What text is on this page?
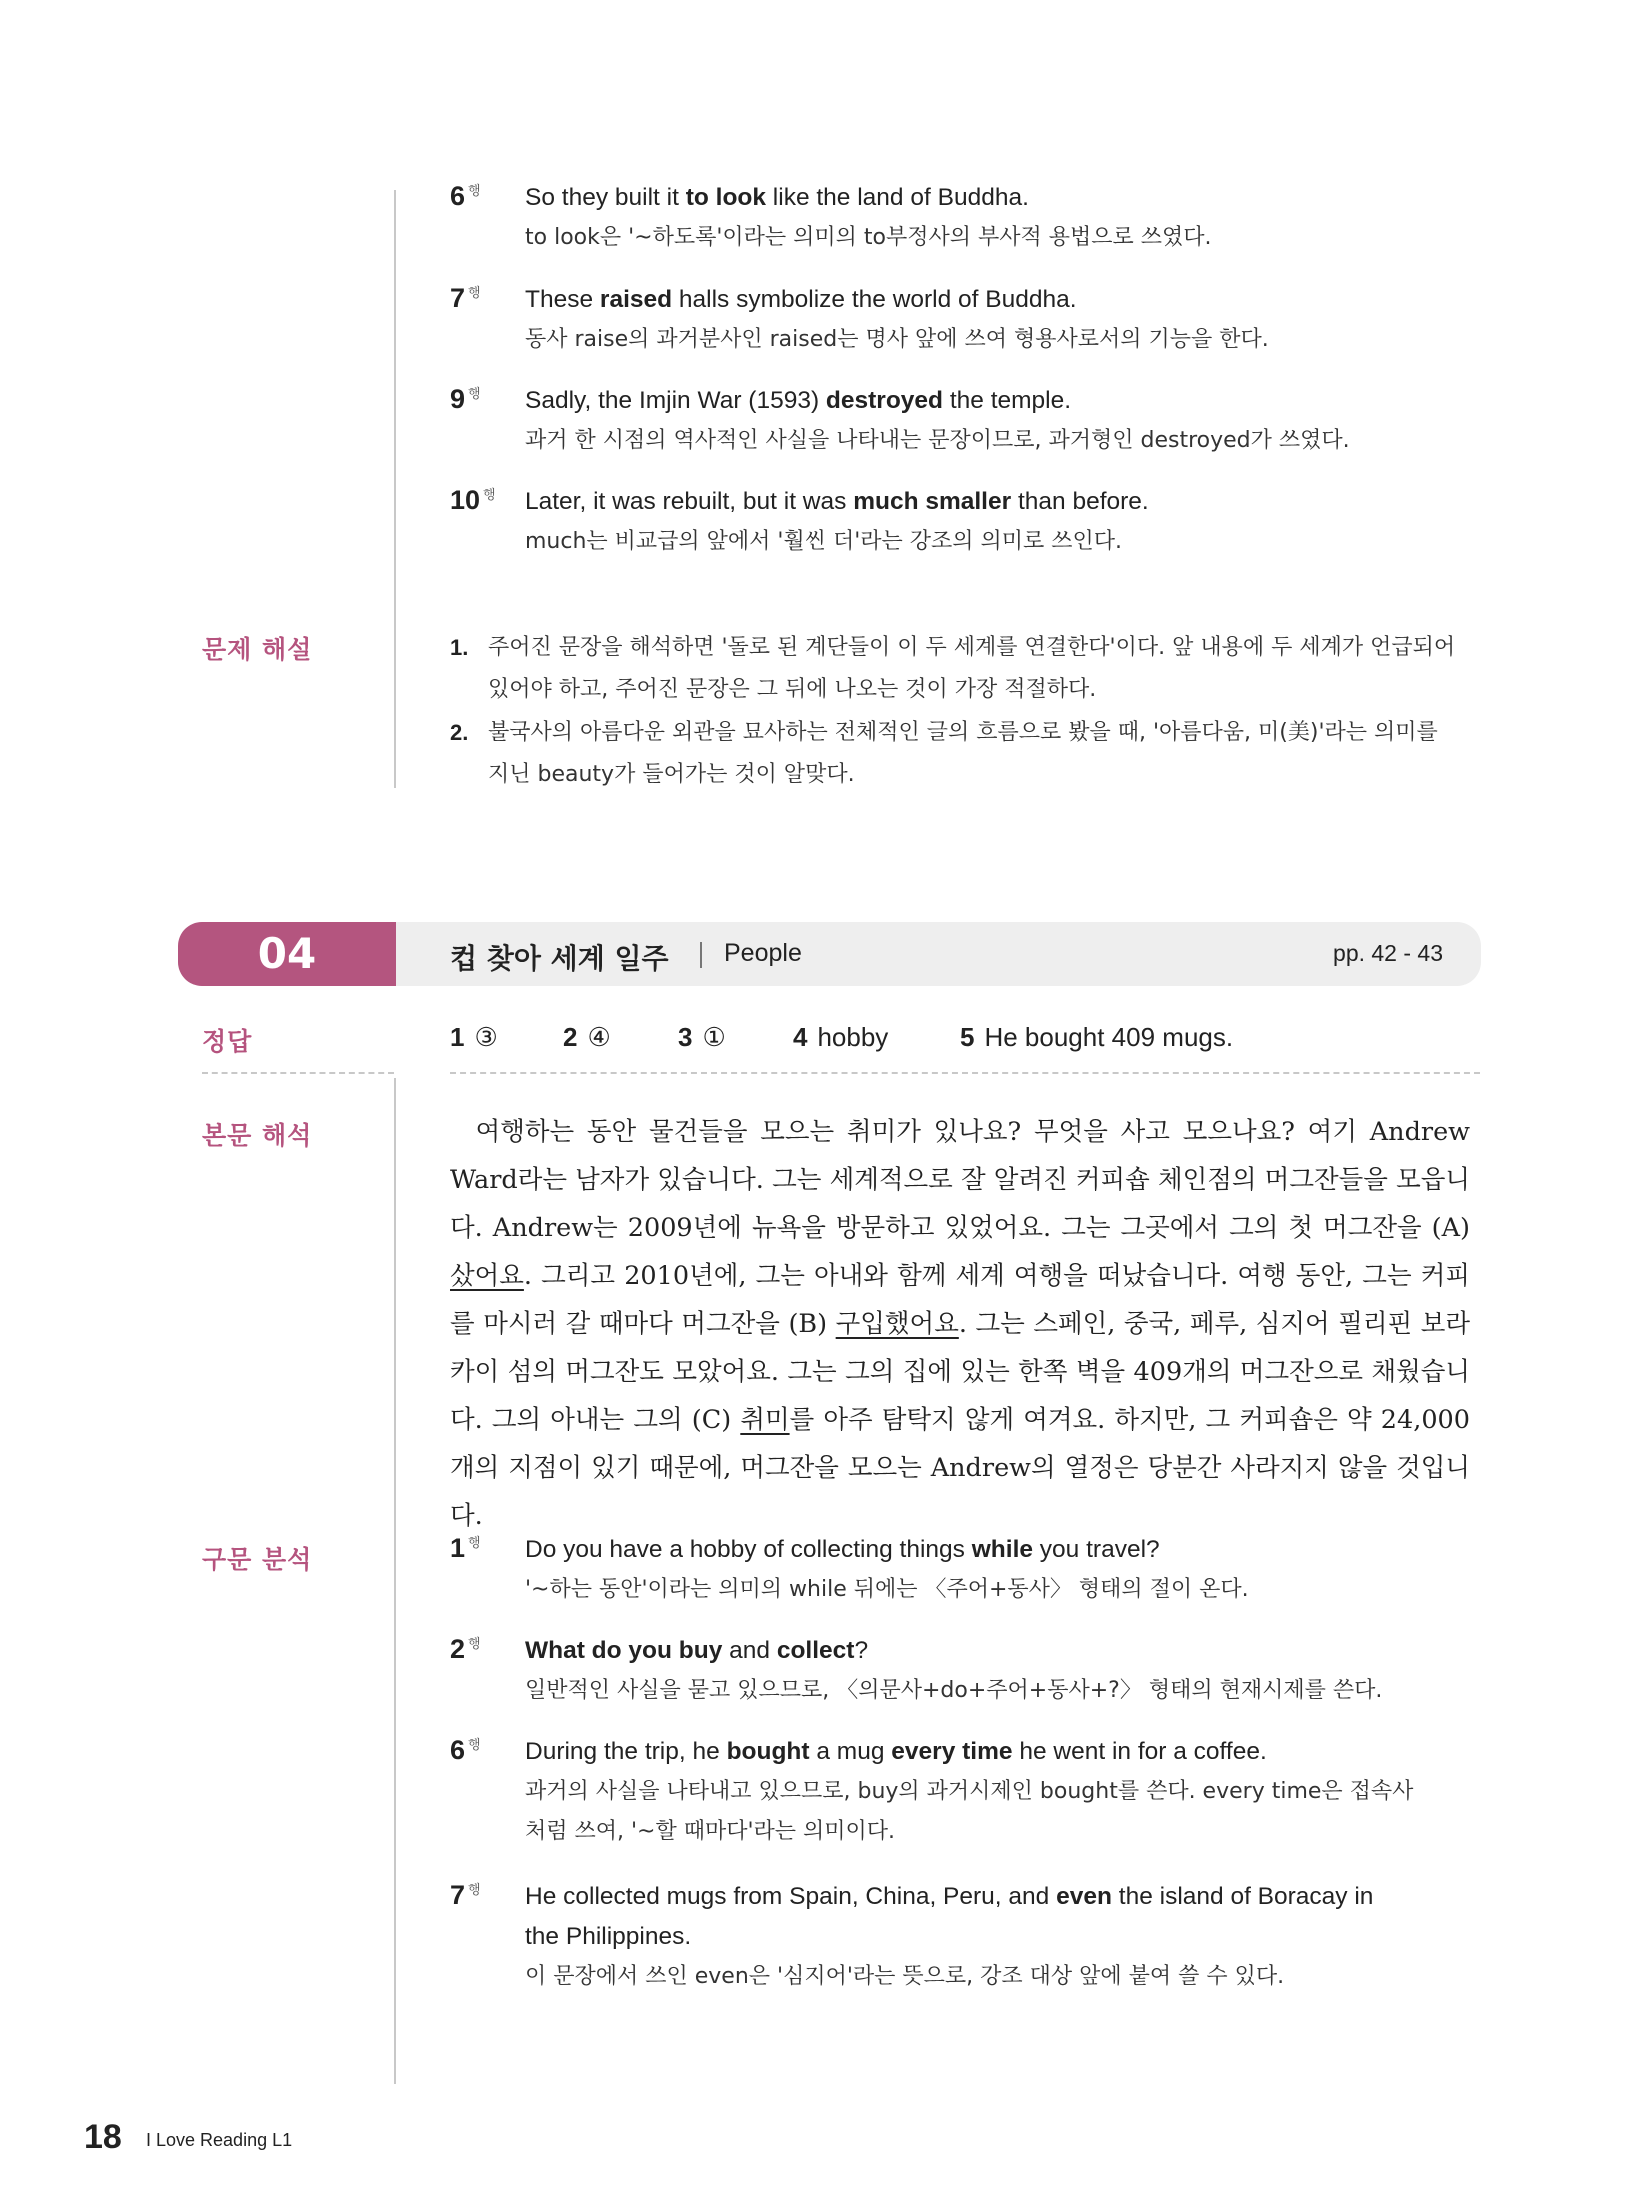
6 $^행$ So they built it to look like the land of Buddha.
to look은 '~하도록'이라는 의미의 to부정사의 부사적 용법으로 쓰였다.
7 $^행$ These raised halls symbolize the world of Buddha.
동사 raise의 과거분사인 raised는 명사 앞에 쓰여 형용사로서의 기능을 한다.
9 $^행$ Sadly, the Imjin War (1593) destroyed the temple.
과거 한 시점의 역사적인 사실을 나타내는 문장이므로, 과거형인 destroyed가 쓰였다.
10 $^행$ Later, it was rebuilt, but it was much smaller than before.
much는 비교급의 앞에서 '훨씬 더'라는 강조의 의미로 쓰인다.
문제 해설	1. 주어진 문장을 해석하면 '돌로 된 계단들이 이 두 세계를 연결한다'이다. 앞 내용에 두 세계가 언급되어
있어야 하고, 주어진 문장은 그 뒤에 나오는 것이 가장 적절하다.
2. 불국사의 아름다운 외관을 묘사하는 전체적인 글의 흐름으로 봤을 때, '아름다움, 미(美)'라는 의미를
지닌 beauty가 들어가는 것이 알맞다.
04	컵 찾아 세계 일주 People	pp. 42 - 43
정답	1 ③	2 ④	3 ①	4 hobby	5 He bought 409 mugs.
본문 해석	여행하는 동안 물건들을 모으는 취미가 있나요? 무엇을 사고 모으나요? 여기 Andrew Ward라는 남자가 있습니다. 그는 세계적으로 잘 알려진 커피숍 체인점의 머그잔들을 모읍니다. Andrew는 2009년에 뉴욕을 방문하고 있었어요. 그는 그곳에서 그의 첫 머그잔을 (A) 샀어요. 그리고 2010년에, 그는 아내와 함께 세계 여행을 떠났습니다. 여행 동안, 그는 커피를 마시러 갈 때마다 머그잔을 (B) 구입했어요. 그는 스페인, 중국, 페루, 심지어 필리핀 보라카이 섬의 머그잔도 모았어요. 그는 그의 집에 있는 한쪽 벽을 409개의 머그잔으로 채웠습니다. 그의 아내는 그의 (C) 취미를 아주 탐탁지 않게 여겨요. 하지만, 그 커피숍은 약 24,000개의 지점이 있기 때문에, 머그잔을 모으는 Andrew의 열정은 당분간 사라지지 않을 것입니다.
구문 분석	1 $^행$ Do you have a hobby of collecting things while you travel?
'~하는 동안'이라는 의미의 while 뒤에는 〈주어+동사〉 형태의 절이 온다.
2 $^행$ What do you buy and collect?
일반적인 사실을 묻고 있으므로, 〈의문사+do+주어+동사+?〉 형태의 현재시제를 쓴다.
6 $^행$ During the trip, he bought a mug every time he went in for a coffee.
과거의 사실을 나타내고 있으므로, buy의 과거시제인 bought를 쓴다. every time은 접속사
처럼 쓰여, '~할 때마다'라는 의미이다.
7 $^행$ He collected mugs from Spain, China, Peru, and even the island of Boracay in
the Philippines.
이 문장에서 쓰인 even은 '심지어'라는 뜻으로, 강조 대상 앞에 붙여 쓸 수 있다.
18 I Love Reading L1
